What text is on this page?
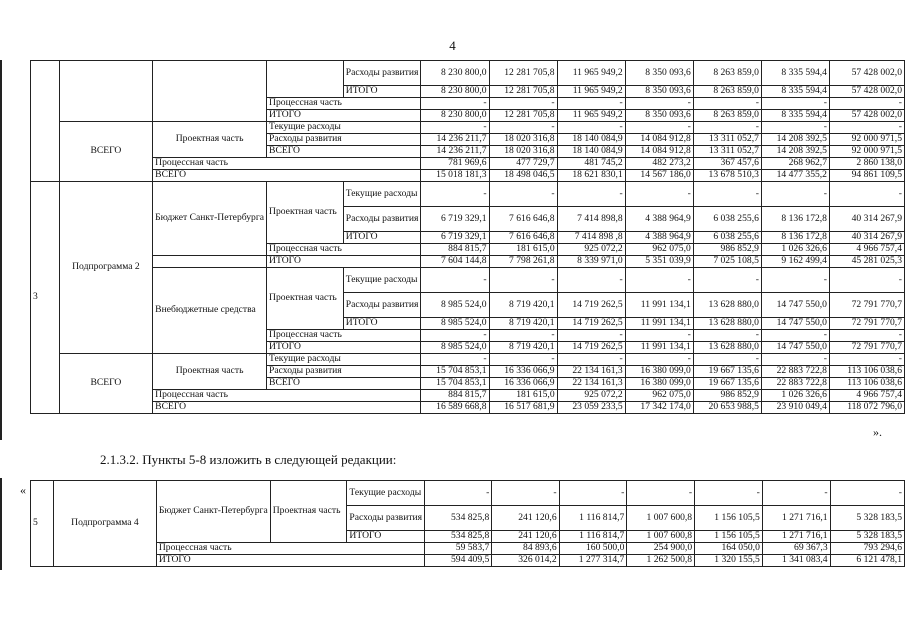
4
				Расходы развития	8 230 800,0	12 281 705,8	11 965 949,2	8 350 093,6	8 263 859,0	8 335 594,4	57 428 002,0
				ИТОГО	8 230 800,0	12 281 705,8	11 965 949,2	8 350 093,6	8 263 859,0	8 335 594,4	57 428 002,0
			Процессная часть		-	-	-	-	-	-	-
			ИТОГО		8 230 800,0	12 281 705,8	11 965 949,2	8 350 093,6	8 263 859,0	8 335 594,4	57 428 002,0
	ВСЕГО	Проектная часть	Текущие расходы		-	-	-	-	-	-	-
			Расходы развития		14 236 211,7	18 020 316,8	18 140 084,9	14 084 912,8	13 311 052,7	14 208 392,5	92 000 971,5
			ВСЕГО		14 236 211,7	18 020 316,8	18 140 084,9	14 084 912,8	13 311 052,7	14 208 392,5	92 000 971,5
		Процессная часть			781 969,6	477 729,7	481 745,2	482 273,2	367 457,6	268 962,7	2 860 138,0
		ВСЕГО			15 018 181,3	18 498 046,5	18 621 830,1	14 567 186,0	13 678 510,3	14 477 355,2	94 861 109,5
3	Подпрограмма 2	Бюджет Санкт-Петербурга	Проектная часть	Текущие расходы	-	-	-	-	-	-	-
				Расходы развития	6 719 329,1	7 616 646,8	7 414 898,8	4 388 964,9	6 038 255,6	8 136 172,8	40 314 267,9
				ИТОГО	6 719 329,1	7 616 646,8	7 414 898 ,8	4 388 964,9	6 038 255,6	8 136 172,8	40 314 267,9
			Процессная часть		884 815,7	181 615,0	925 072,2	962 075,0	986 852,9	1 026 326,6	4 966 757,4
			ИТОГО		7 604 144,8	7 798 261,8	8 339 971,0	5 351 039,9	7 025 108,5	9 162 499,4	45 281 025,3
		Внебюджетные средства	Проектная часть	Текущие расходы	-	-	-	-	-	-	-
				Расходы развития	8 985 524,0	8 719 420,1	14 719 262,5	11 991 134,1	13 628 880,0	14 747 550,0	72 791 770,7
				ИТОГО	8 985 524,0	8 719 420,1	14 719 262,5	11 991 134,1	13 628 880,0	14 747 550,0	72 791 770,7
			Процессная часть		-	-	-	-	-	-	-
			ИТОГО		8 985 524,0	8 719 420,1	14 719 262,5	11 991 134,1	13 628 880,0	14 747 550,0	72 791 770,7
	ВСЕГО	Проектная часть	Текущие расходы		-	-	-	-	-	-	-
			Расходы развития		15 704 853,1	16 336 066,9	22 134 161,3	16 380 099,0	19 667 135,6	22 883 722,8	113 106 038,6
			ВСЕГО		15 704 853,1	16 336 066,9	22 134 161,3	16 380 099,0	19 667 135,6	22 883 722,8	113 106 038,6
		Процессная часть			884 815,7	181 615,0	925 072,2	962 075,0	986 852,9	1 026 326,6	4 966 757,4
		ВСЕГО			16 589 668,8	16 517 681,9	23 059 233,5	17 342 174,0	20 653 988,5	23 910 049,4	118 072 796,0
».
2.1.3.2. Пункты 5-8 изложить в следующей редакции:
«
5	Подпрограмма 4	Бюджет Санкт-Петербурга	Проектная часть	Текущие расходы	-	-	-	-	-	-	-
				Расходы развития	534 825,8	241 120,6	1 116 814,7	1 007 600,8	1 156 105,5	1 271 716,1	5 328 183,5
				ИТОГО	534 825,8	241 120,6	1 116 814,7	1 007 600,8	1 156 105,5	1 271 716,1	5 328 183,5
		Процессная часть			59 583,7	84 893,6	160 500,0	254 900,0	164 050,0	69 367,3	793 294,6
		ИТОГО			594 409,5	326 014,2	1 277 314,7	1 262 500,8	1 320 155,5	1 341 083,4	6 121 478,1
